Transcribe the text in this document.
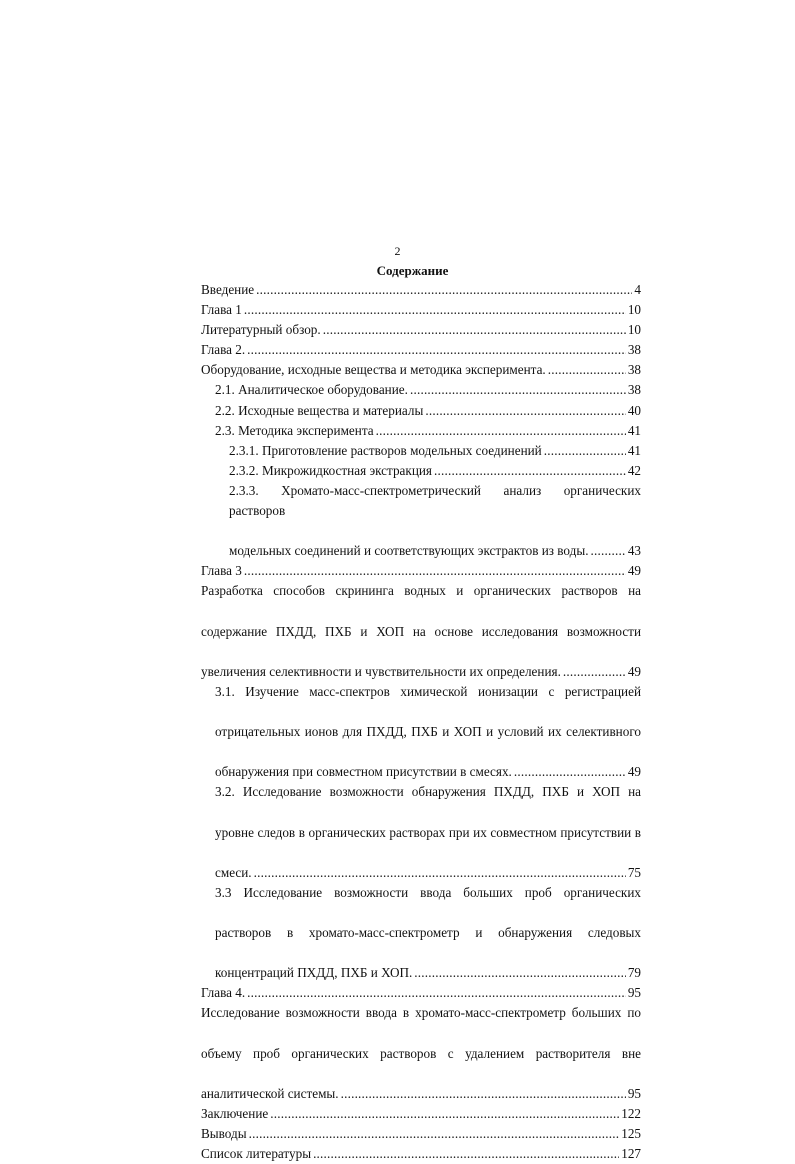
2
Содержание
Введение .....	4
Глава 1 .....	10
Литературный обзор. .....	10
Глава 2. .....	38
Оборудование, исходные вещества и методика эксперимента. .....	38
2.1. Аналитическое оборудование. .....	38
2.2. Исходные вещества и материалы .....	40
2.3. Методика эксперимента .....	41
2.3.1. Приготовление растворов модельных соединений .....	41
2.3.2. Микрожидкостная экстракция .....	42
2.3.3. Хромато-масс-спектрометрический анализ органических растворов
модельных соединений и соответствующих экстрактов из воды. .....	43
Глава 3 .....	49
Разработка способов скрининга водных и органических растворов на
содержание ПХДД, ПХБ и ХОП на основе исследования возможности
увеличения селективности и чувствительности их определения. .....	49
3.1. Изучение масс-спектров химической ионизации с регистрацией
отрицательных ионов для ПХДД, ПХБ и ХОП и условий их селективного
обнаружения при совместном присутствии в смесях. .....	49
3.2. Исследование возможности обнаружения ПХДД, ПХБ и ХОП на
уровне следов в органических растворах при их совместном присутствии в
смеси. .....	75
3.3 Исследование возможности ввода больших проб органических
растворов в хромато-масс-спектрометр и обнаружения следовых
концентраций ПХДД, ПХБ и ХОП. .....	79
Глава 4. .....	95
Исследование возможности ввода в хромато-масс-спектрометр больших по
объему проб органических растворов с удалением растворителя вне
аналитической системы. .....	95
Заключение .....	122
Выводы .....	125
Список литературы .....	127
